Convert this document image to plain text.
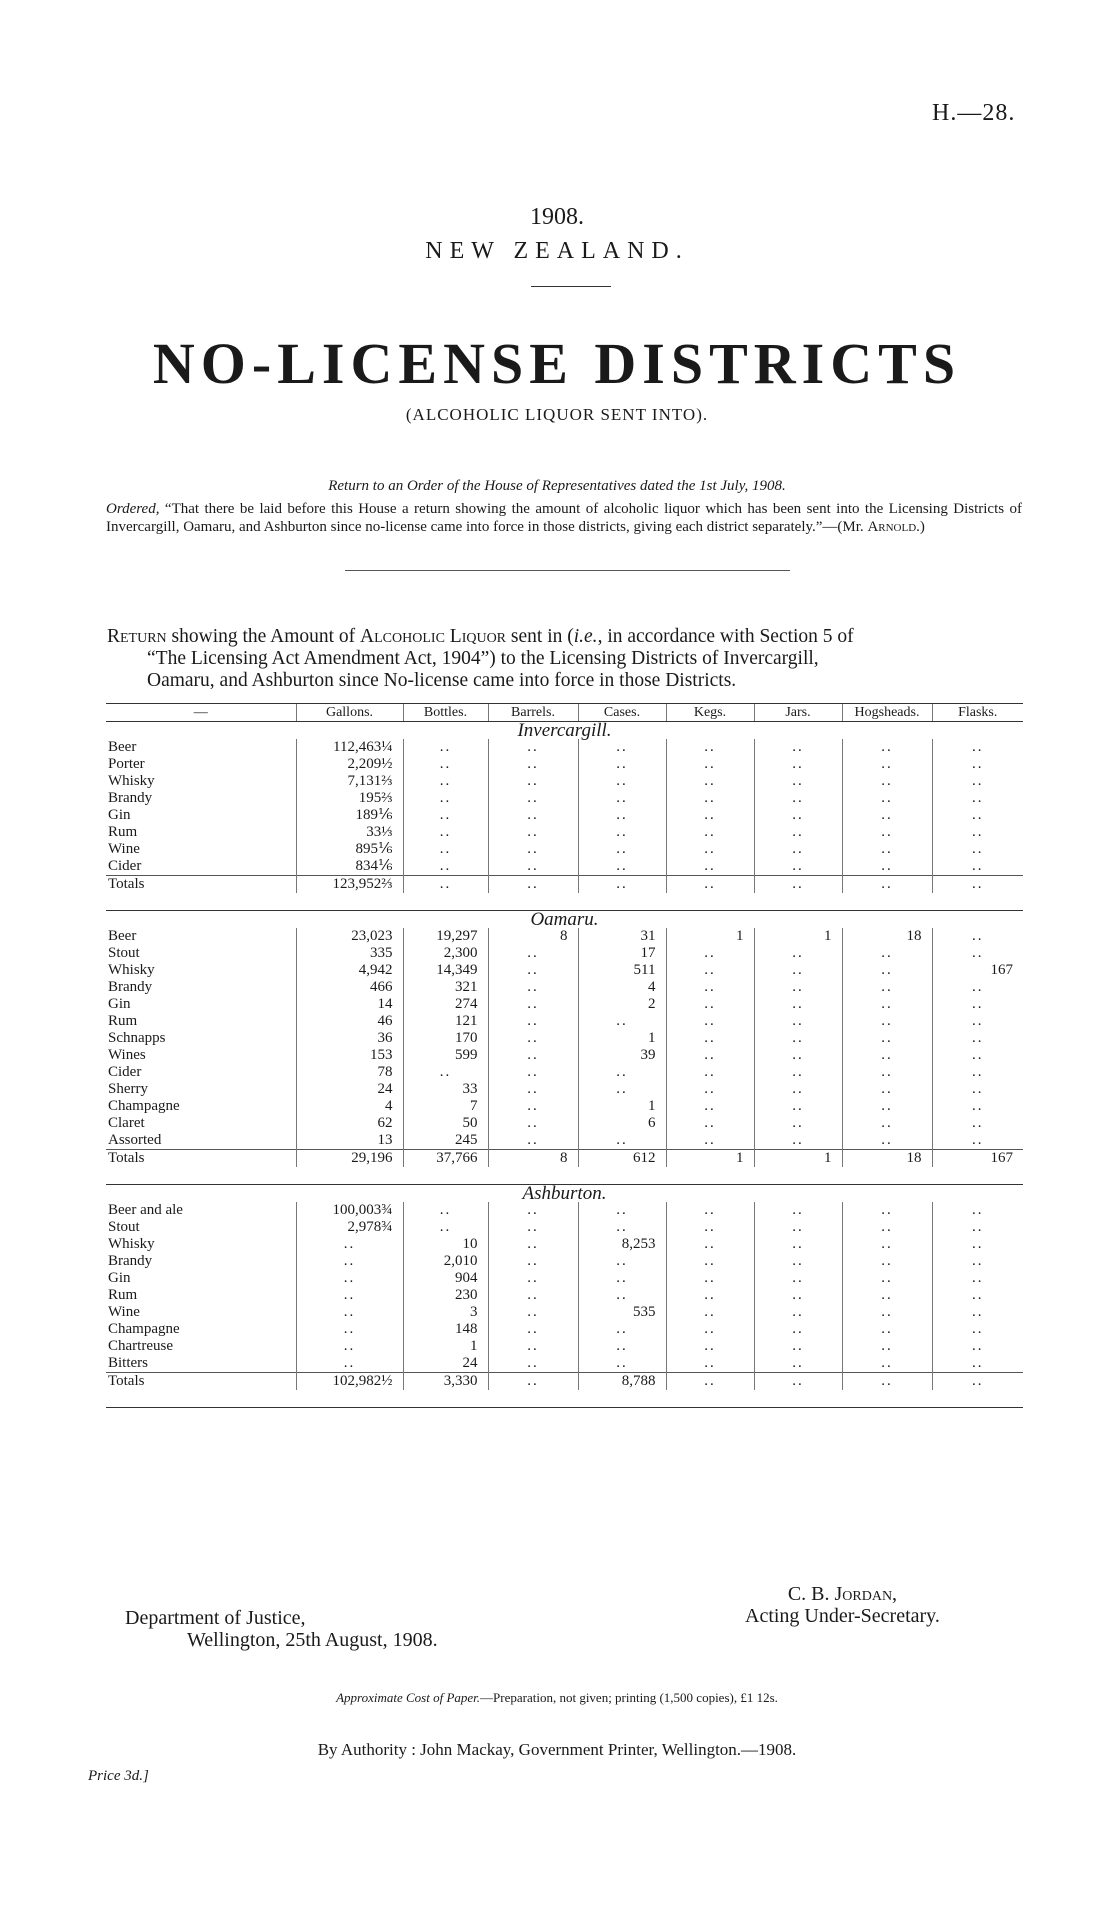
H.—28.
1908.
NEW ZEALAND.
NO-LICENSE DISTRICTS
(ALCOHOLIC LIQUOR SENT INTO).
Return to an Order of the House of Representatives dated the 1st July, 1908.
Ordered, “That there be laid before this House a return showing the amount of alcoholic liquor which has been sent into the Licensing Districts of Invercargill, Oamaru, and Ashburton since no-license came into force in those districts, giving each district separately.”—(Mr. Arnold.)
Return showing the Amount of Alcoholic Liquor sent in (i.e., in accordance with Section 5 of
“The Licensing Act Amendment Act, 1904”) to the Licensing Districts of Invercargill,
Oamaru, and Ashburton since No-license came into force in those Districts.
—	Gallons.	Bottles.	Barrels.	Cases.	Kegs.	Jars.	Hogsheads.	Flasks.
Invercargill.								
Beer	112,463¼	..	..	..	..	..	..	..
Porter	2,209½	..	..	..	..	..	..	..
Whisky	7,131⅔	..	..	..	..	..	..	..
Brandy	195⅔	..	..	..	..	..	..	..
Gin	189⅙	..	..	..	..	..	..	..
Rum	33⅓	..	..	..	..	..	..	..
Wine	895⅙	..	..	..	..	..	..	..
Cider	834⅙	..	..	..	..	..	..	..
Totals	123,952⅔	..	..	..	..	..	..	..

Oamaru.								
Beer	23,023	19,297	8	31	1	1	18	..
Stout	335	2,300	..	17	..	..	..	..
Whisky	4,942	14,349	..	511	..	..	..	167
Brandy	466	321	..	4	..	..	..	..
Gin	14	274	..	2	..	..	..	..
Rum	46	121	..	..	..	..	..	..
Schnapps	36	170	..	1	..	..	..	..
Wines	153	599	..	39	..	..	..	..
Cider	78	..	..	..	..	..	..	..
Sherry	24	33	..	..	..	..	..	..
Champagne	4	7	..	1	..	..	..	..
Claret	62	50	..	6	..	..	..	..
Assorted	13	245	..	..	..	..	..	..
Totals	29,196	37,766	8	612	1	1	18	167

Ashburton.								
Beer and ale	100,003¾	..	..	..	..	..	..	..
Stout	2,978¾	..	..	..	..	..	..	..
Whisky	..	10	..	8,253	..	..	..	..
Brandy	..	2,010	..	..	..	..	..	..
Gin	..	904	..	..	..	..	..	..
Rum	..	230	..	..	..	..	..	..
Wine	..	3	..	535	..	..	..	..
Champagne	..	148	..	..	..	..	..	..
Chartreuse	..	1	..	..	..	..	..	..
Bitters	..	24	..	..	..	..	..	..
Totals	102,982½	3,330	..	8,788	..	..	..	..

Department of Justice,
Wellington, 25th August, 1908.
C. B. Jordan,
Acting Under-Secretary.
Approximate Cost of Paper.—Preparation, not given; printing (1,500 copies), £1 12s.
By Authority : John Mackay, Government Printer, Wellington.—1908.
Price 3d.]
